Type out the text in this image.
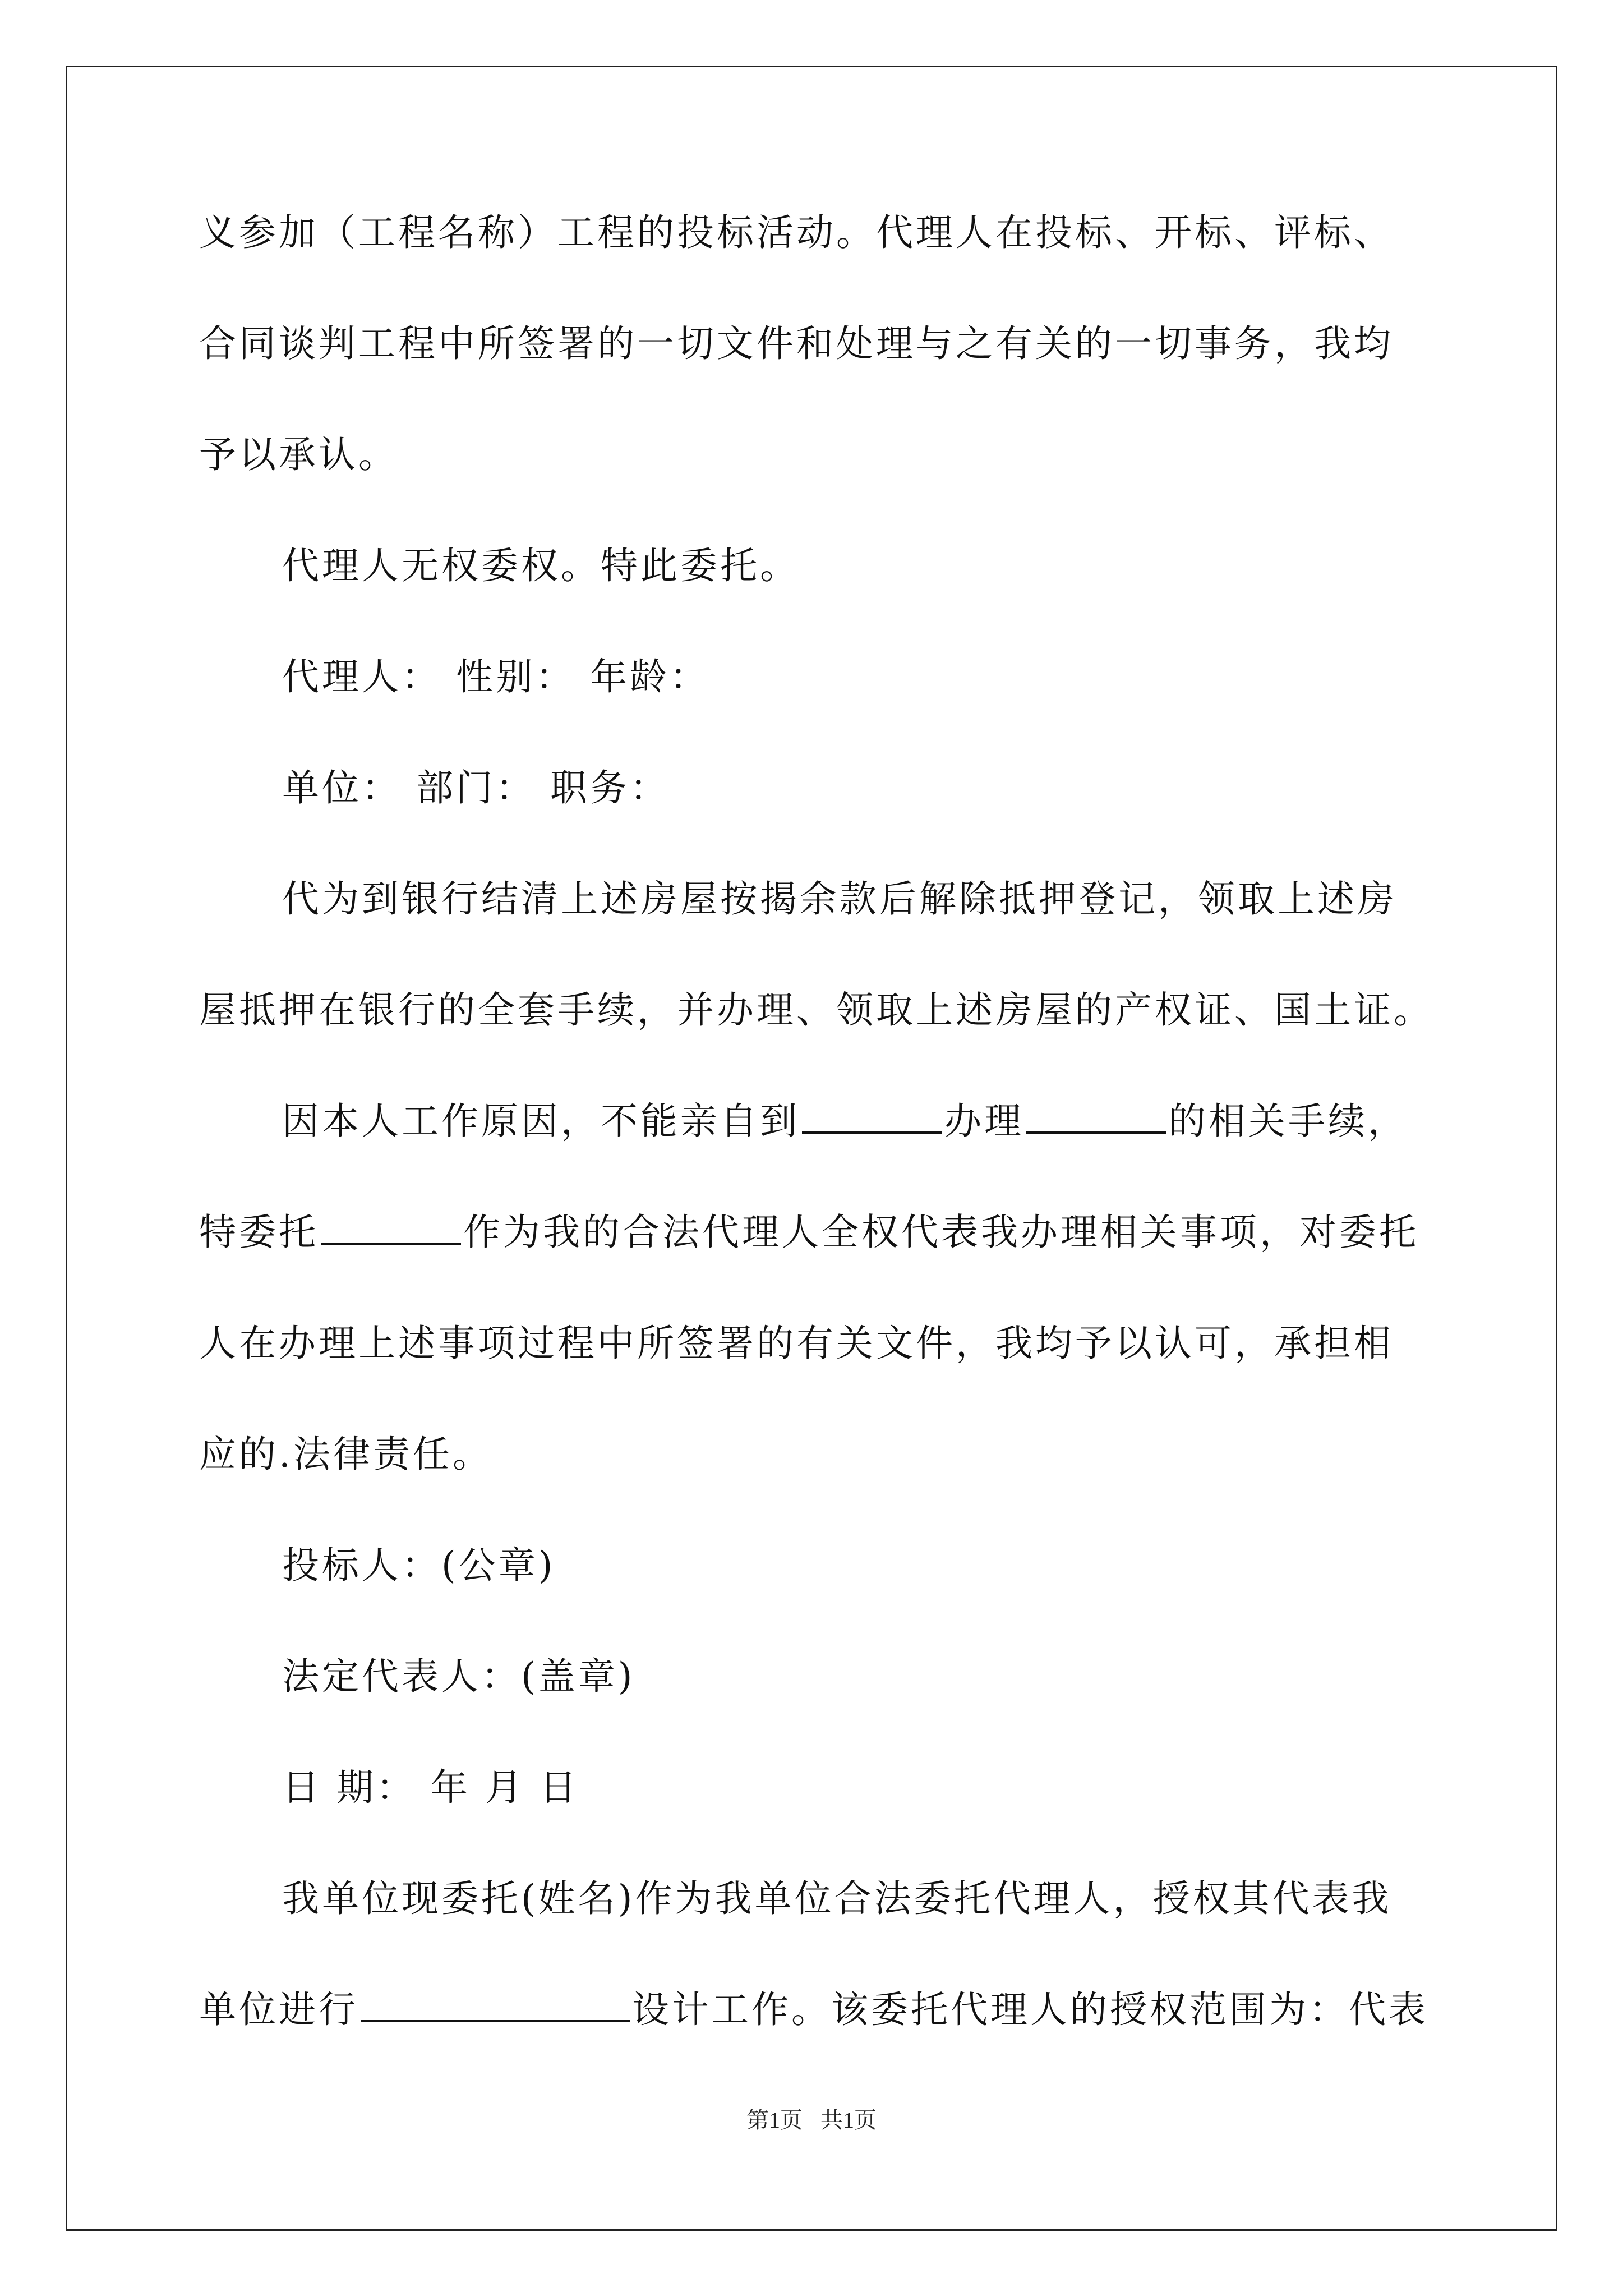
义参加（工程名称）工程的投标活动。代理人在投标、开标、评标、
合同谈判工程中所签署的一切文件和处理与之有关的一切事务，我均
予以承认。
代理人无权委权。特此委托。
代理人： 性别： 年龄：
单位： 部门： 职务：
代为到银行结清上述房屋按揭余款后解除抵押登记，领取上述房
屋抵押在银行的全套手续，并办理、领取上述房屋的产权证、国土证。
因本人工作原因，不能亲自到	办理	的相关手续，
特委托	作为我的合法代理人全权代表我办理相关事项，对委托
人在办理上述事项过程中所签署的有关文件，我均予以认可，承担相
应的.法律责任。
投标人：(公章)
法定代表人：(盖章)
日 期： 年 月 日
我单位现委托(姓名)作为我单位合法委托代理人，授权其代表我
单位进行	设计工作。该委托代理人的授权范围为：代表
第1页 共1页
